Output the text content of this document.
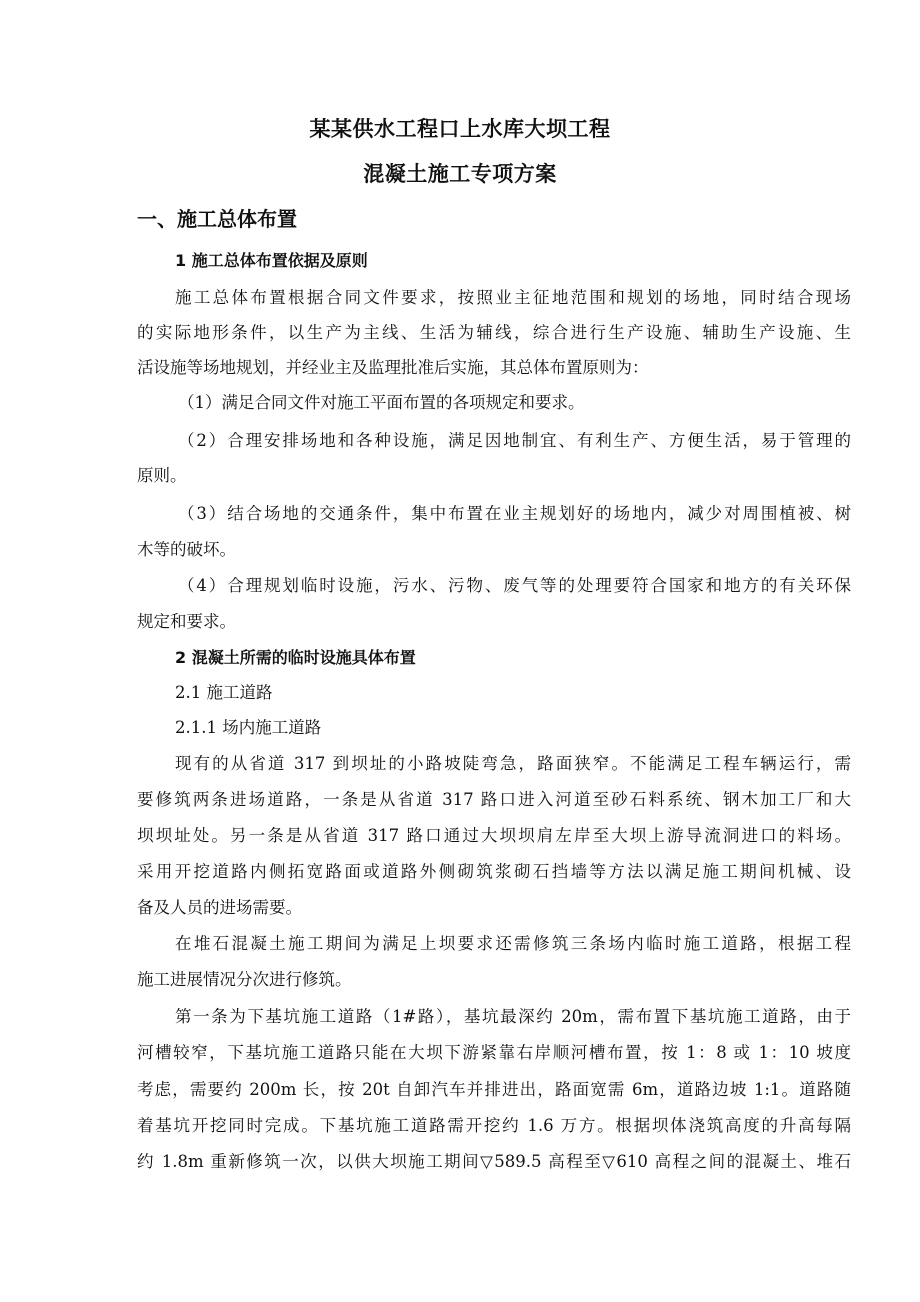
某某供水工程口上水库大坝工程
混凝土施工专项方案
一、施工总体布置
1 施工总体布置依据及原则
施工总体布置根据合同文件要求，按照业主征地范围和规划的场地，同时结合现场
的实际地形条件，以生产为主线、生活为辅线，综合进行生产设施、辅助生产设施、生
活设施等场地规划，并经业主及监理批准后实施，其总体布置原则为：
（1）满足合同文件对施工平面布置的各项规定和要求。
（2）合理安排场地和各种设施，满足因地制宜、有利生产、方便生活，易于管理的
原则。
（3）结合场地的交通条件，集中布置在业主规划好的场地内，减少对周围植被、树
木等的破坏。
（4）合理规划临时设施，污水、污物、废气等的处理要符合国家和地方的有关环保
规定和要求。
2 混凝土所需的临时设施具体布置
2.1 施工道路
2.1.1 场内施工道路
现有的从省道 317 到坝址的小路坡陡弯急，路面狭窄。不能满足工程车辆运行，需
要修筑两条进场道路，一条是从省道 317 路口进入河道至砂石料系统、钢木加工厂和大
坝坝址处。另一条是从省道 317 路口通过大坝坝肩左岸至大坝上游导流洞进口的料场。
采用开挖道路内侧拓宽路面或道路外侧砌筑浆砌石挡墙等方法以满足施工期间机械、设
备及人员的进场需要。
在堆石混凝土施工期间为满足上坝要求还需修筑三条场内临时施工道路，根据工程
施工进展情况分次进行修筑。
第一条为下基坑施工道路（1#路），基坑最深约 20m，需布置下基坑施工道路，由于
河槽较窄，下基坑施工道路只能在大坝下游紧靠右岸顺河槽布置，按 1：8 或 1：10 坡度
考虑，需要约 200m 长，按 20t 自卸汽车并排进出，路面宽需 6m，道路边坡 1:1。道路随
着基坑开挖同时完成。下基坑施工道路需开挖约 1.6 万方。根据坝体浇筑高度的升高每隔
约 1.8m 重新修筑一次，以供大坝施工期间▽589.5 高程至▽610 高程之间的混凝土、堆石
